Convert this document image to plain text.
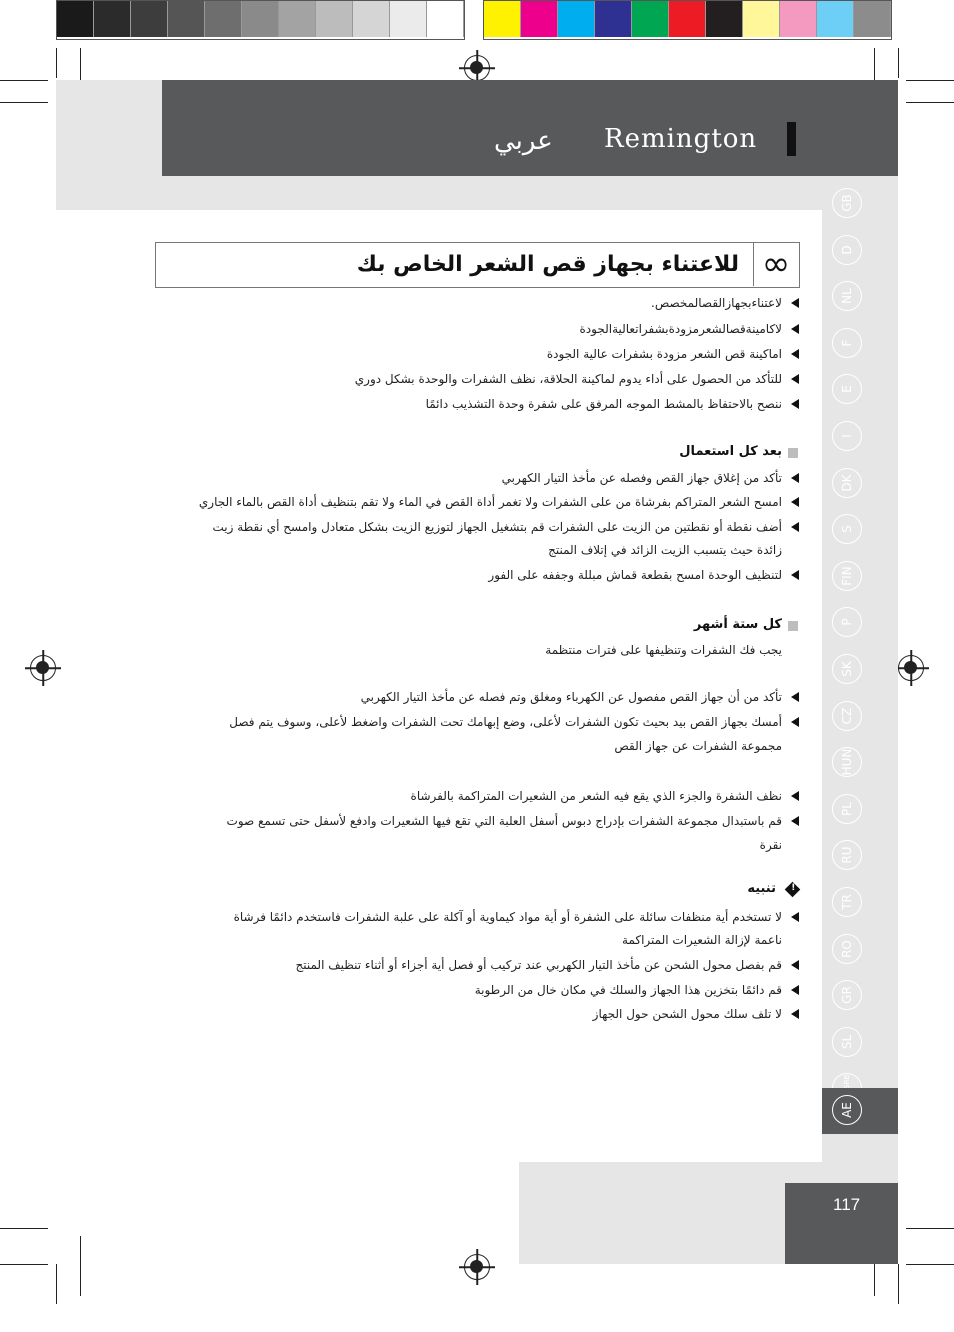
Remington
عربي
GB
D
NL
F
E
I
DK
S
FIN
P
SK
CZ
HUN
PL
RU
TR
RO
GR
SL
AE
∞
للاعتناء بجهاز قص الشعر الخاص بك
لاعتناءبجهازالقصالمخصص.
لاكامينةقصالشعرمزودةبشفراتعاليةالجودة
اماكينة قص الشعر مزودة بشفرات عالية الجودة
للتأكد من الحصول على أداء يدوم لماكينة الحلاقة، نظف الشفرات والوحدة بشكل دوري
ننصح بالاحتفاظ بالمشط الموجه المرفق على شفرة وحدة التشذيب دائمًا
بعد كل استعمال
تأكد من إغلاق جهاز القص وفصله عن مأخذ التيار الكهربي
امسح الشعر المتراكم بفرشاة من على الشفرات ولا تغمر أداة القص في الماء ولا تقم بتنظيف أداة القص بالماء الجاري
أضف نقطة أو نقطتين من الزيت على الشفرات قم بتشغيل الجهاز لتوزيع الزيت بشكل متعادل وامسح أي نقطة زيت
زائدة حيث يتسبب الزيت الزائد في إتلاف المنتج
لتنظيف الوحدة امسح بقطعة قماش مبللة وجففه على الفور
كل ستة أشهر
يجب فك الشفرات وتنظيفها على فترات منتظمة
تأكد من أن جهاز القص مفصول عن الكهرباء ومغلق وتم فصله عن مأخذ التيار الكهربي
أمسك بجهاز القص بيد بحيث تكون الشفرات لأعلى، وضع إبهامك تحت الشفرات واضغط لأعلى، وسوف يتم فصل
مجموعة الشفرات عن جهاز القص
نظف الشفرة والجزء الذي يقع فيه الشعر من الشعيرات المتراكمة بالفرشاة
قم باستبدال مجموعة الشفرات بإدراج دبوس أسفل العلبة التي تقع فيها الشعيرات وادفع لأسفل حتى تسمع صوت
نقرة
!
تنبيه
لا تستخدم أية منظفات سائلة على الشفرة أو أية مواد كيماوية أو آكلة على علبة الشفرات فاستخدم دائمًا فرشاة
ناعمة لإزالة الشعيرات المتراكمة
قم بفصل محول الشحن عن مأخذ التيار الكهربي عند تركيب أو فصل أية أجزاء أو أثناء تنظيف المنتج
قم دائمًا بتخزين هذا الجهاز والسلك في مكان خال من الرطوبة
لا تلف سلك محول الشحن حول الجهاز
117
